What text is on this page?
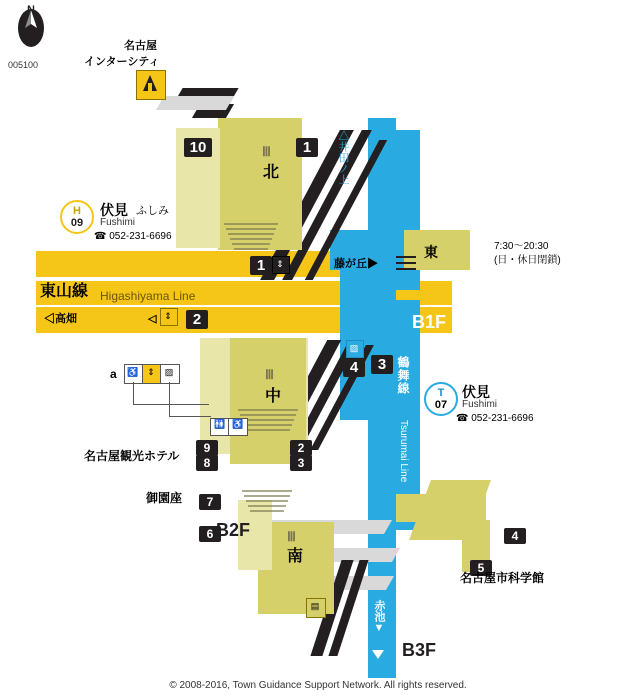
N
005100
名古屋
インターシティ
10	1
1
2
9
8
2
3
7
6
4	3
4
5
Ⅲ
北
Ⅲ
中
Ⅲ
南
H
09
伏見 ふしみ
Fushimi
☎ 052-231-6696
T
07
伏見
Fushimi
☎ 052-231-6696
東山線 Higashiyama Line
鶴舞線
Tsurumai Line
B1F
B2F
B3F
△井田ノ上
藤が丘▶
東
◁高畑	◁
赤池▼
7:30〜20:30
(日・休日閉鎖)
a ♿ ⇕	▨
🚻 ♿
▨
▤
⇕
⇕
名古屋観光ホテル
御園座
名古屋市科学館
© 2008-2016, Town Guidance Support Network. All rights reserved.
